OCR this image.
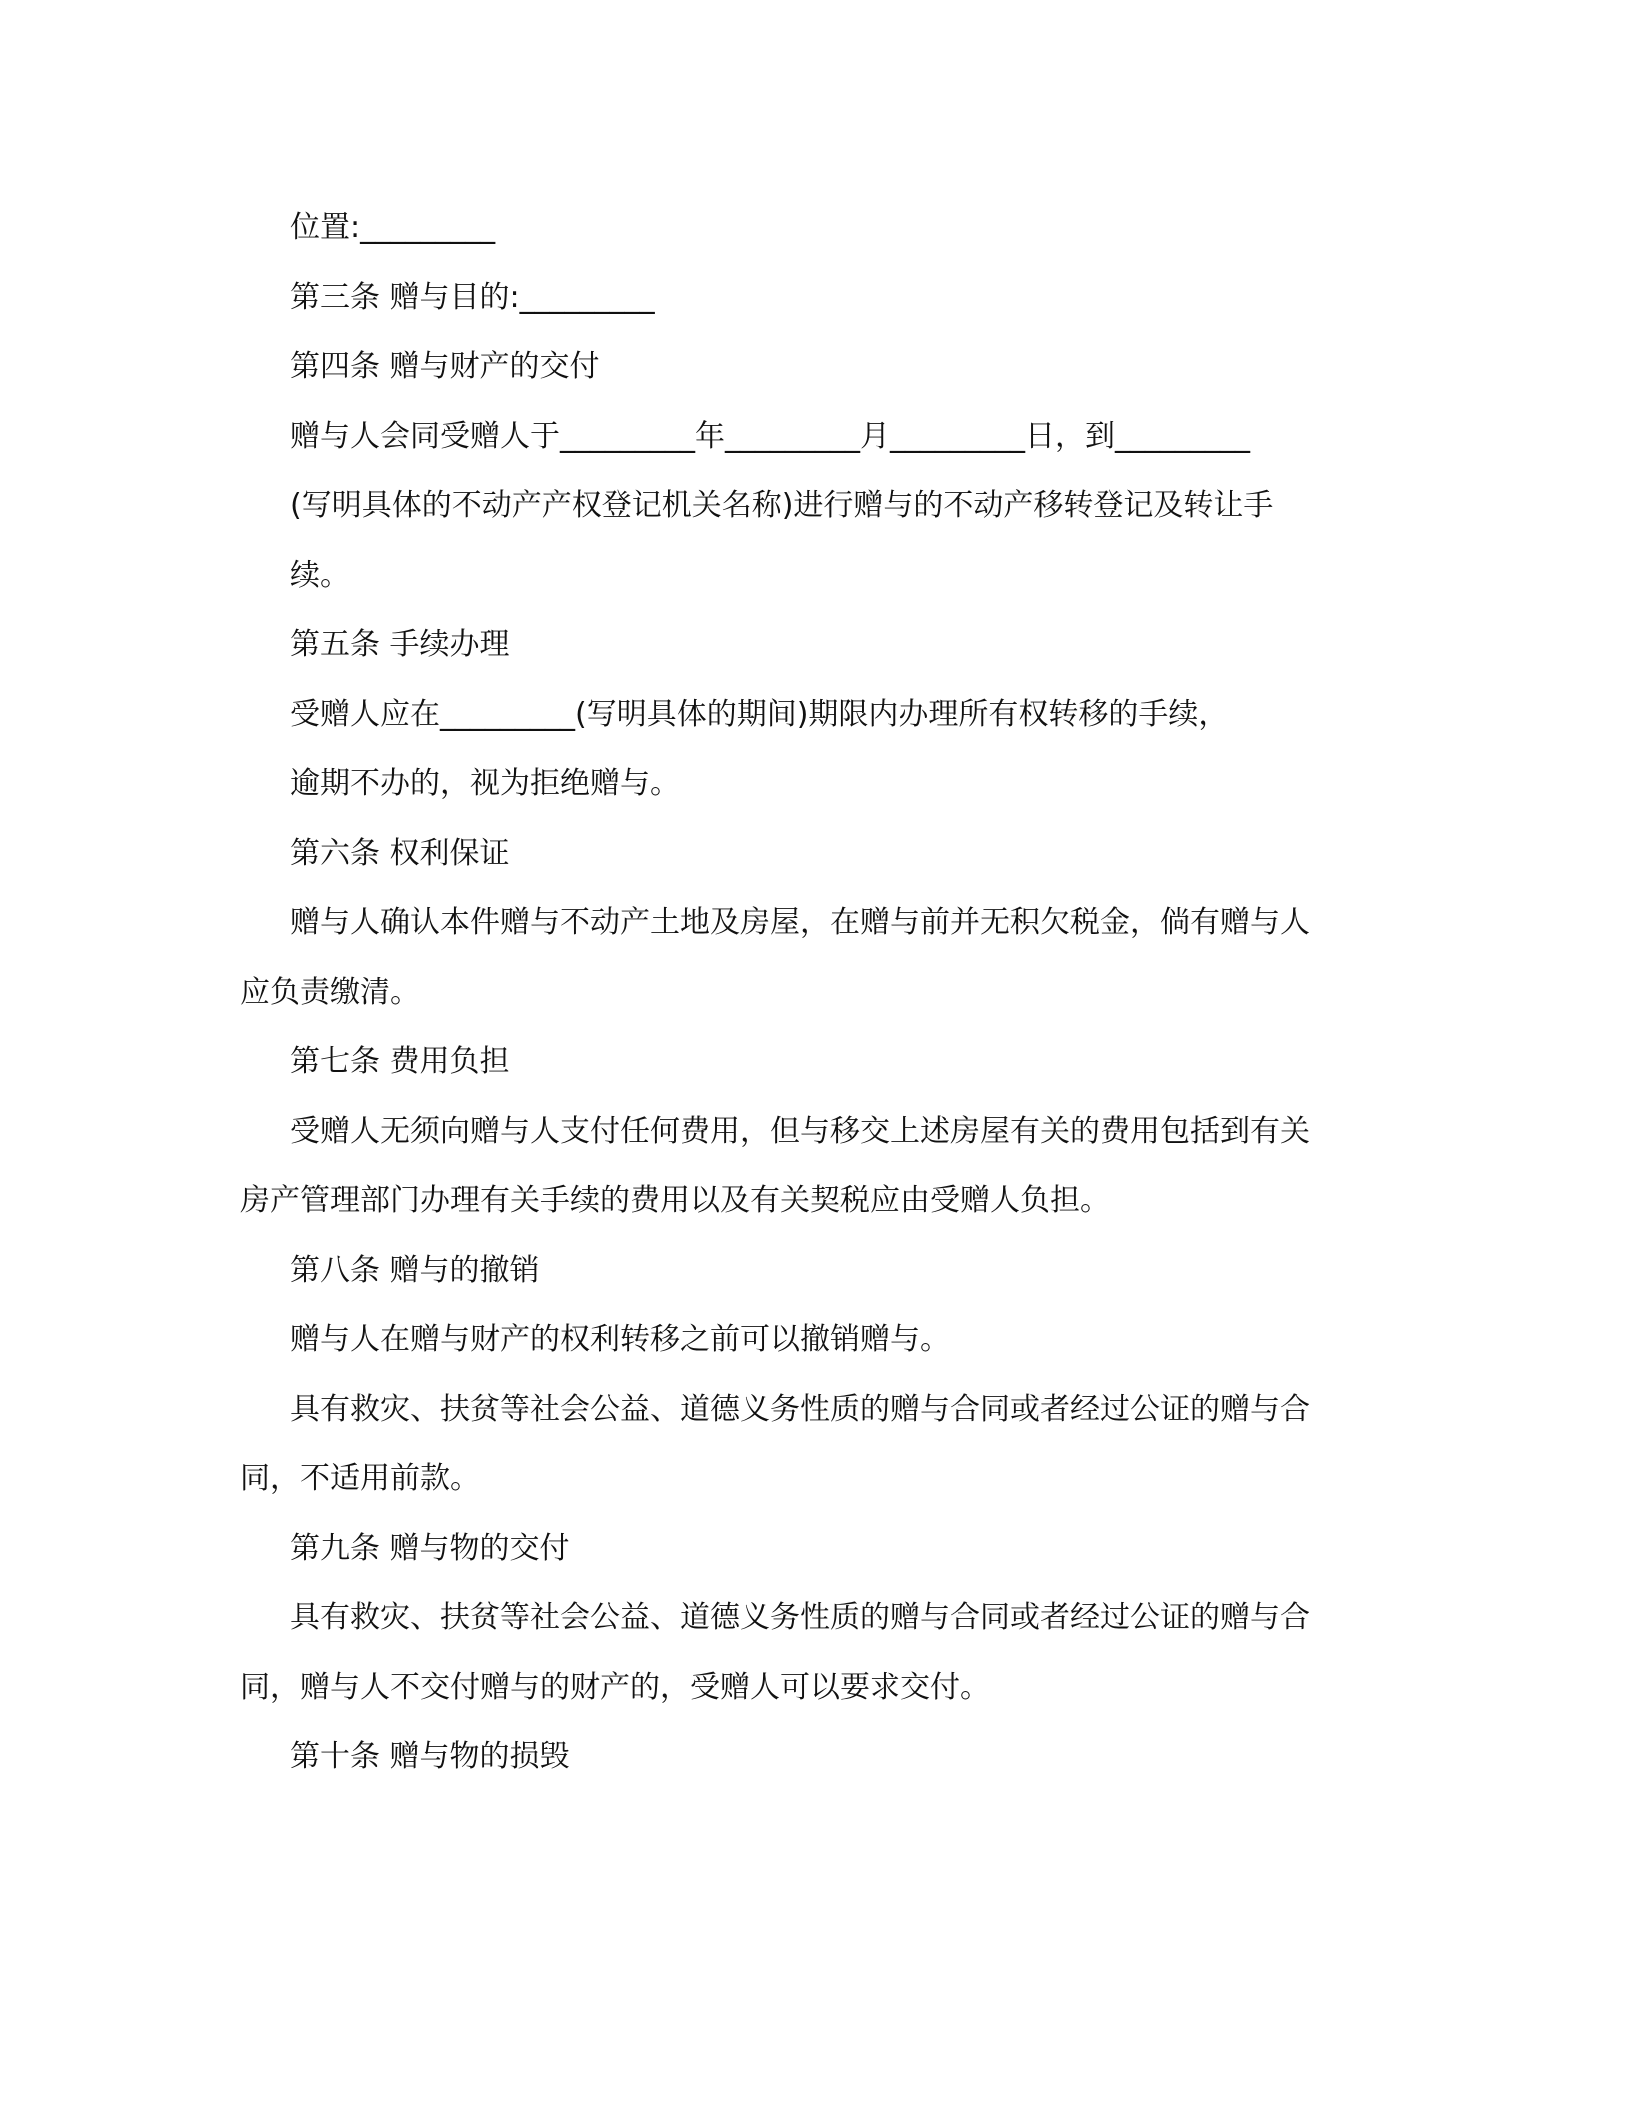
位置:_________
第三条 赠与目的:_________
第四条 赠与财产的交付
赠与人会同受赠人于_________年_________月_________日，到_________
(写明具体的不动产产权登记机关名称)进行赠与的不动产移转登记及转让手
续。
第五条 手续办理
受赠人应在_________(写明具体的期间)期限内办理所有权转移的手续，
逾期不办的，视为拒绝赠与。
第六条 权利保证
赠与人确认本件赠与不动产土地及房屋，在赠与前并无积欠税金，倘有赠与人
应负责缴清。
第七条 费用负担
受赠人无须向赠与人支付任何费用，但与移交上述房屋有关的费用包括到有关
房产管理部门办理有关手续的费用以及有关契税应由受赠人负担。
第八条 赠与的撤销
赠与人在赠与财产的权利转移之前可以撤销赠与。
具有救灾、扶贫等社会公益、道德义务性质的赠与合同或者经过公证的赠与合
同，不适用前款。
第九条 赠与物的交付
具有救灾、扶贫等社会公益、道德义务性质的赠与合同或者经过公证的赠与合
同，赠与人不交付赠与的财产的，受赠人可以要求交付。
第十条 赠与物的损毁
